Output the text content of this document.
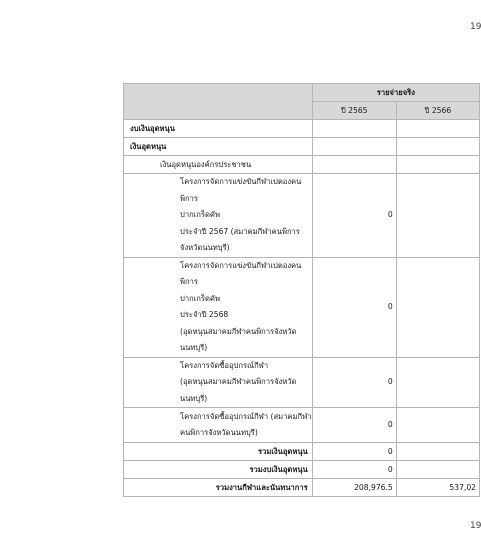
19
	รายจ่ายจริง	
	ปี 2565	ปี 2566
งบเงินอุดหนุน		
เงินอุดหนุน		
เงินอุดหนุนองค์กรประชาชน		

โครงการจัดการแข่งขันกีฬาเปตองคนพิการ
ปากเกร็ดคัพ
ประจำปี 2567 (สมาคมกีฬาคนพิการ
จังหวัดนนทบุรี)	0	

โครงการจัดการแข่งขันกีฬาเปตองคนพิการ
ปากเกร็ดคัพ
ประจำปี 2568
(อุดหนุนสมาคมกีฬาคนพิการจังหวัด
นนทบุรี)	0	

โครงการจัดซื้ออุปกรณ์กีฬา
(อุดหนุนสมาคมกีฬาคนพิการจังหวัด
นนทบุรี)	0	

โครงการจัดซื้ออุปกรณ์กีฬา (สมาคมกีฬา
คนพิการจังหวัดนนทบุรี)	0	
รวมเงินอุดหนุน	0	
รวมงบเงินอุดหนุน	0	
รวมงานกีฬาและนันทนาการ	208,976.5	537,02
19
